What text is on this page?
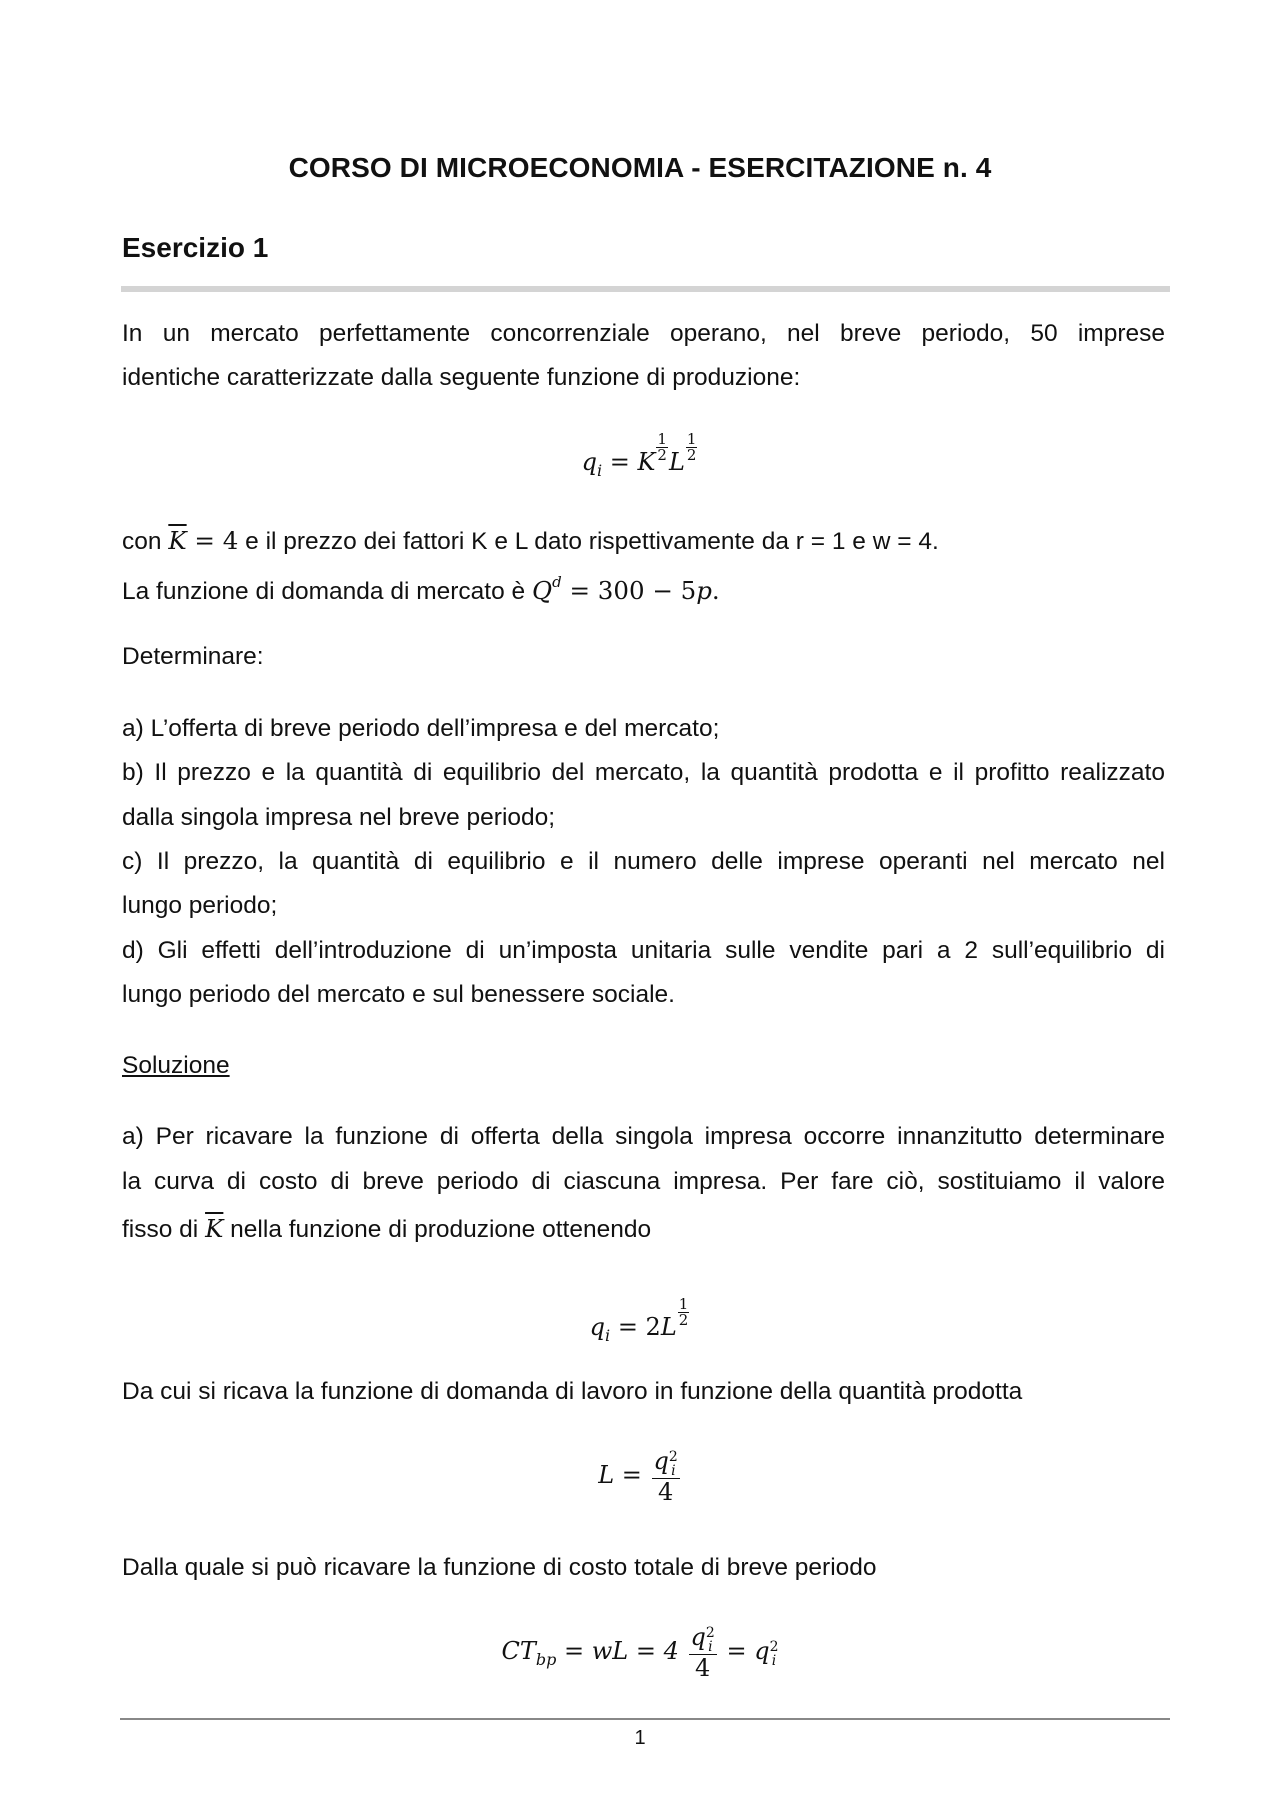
CORSO DI MICROECONOMIA - ESERCITAZIONE n. 4
Esercizio 1
In un mercato perfettamente concorrenziale operano, nel breve periodo, 50 imprese
identiche caratterizzate dalla seguente funzione di produzione:
$q_i = K \frac{1}{2}$ L $\frac{1}{2}$
con $\overline{K} = 4$ e il prezzo dei fattori K e L dato rispettivamente da r = 1 e w = 4.
La funzione di domanda di mercato è $Q^d = 300 - 5p$.
Determinare:
a) L’offerta di breve periodo dell’impresa e del mercato;
b) Il prezzo e la quantità di equilibrio del mercato, la quantità prodotta e il profitto realizzato
dalla singola impresa nel breve periodo;
c) Il prezzo, la quantità di equilibrio e il numero delle imprese operanti nel mercato nel
lungo periodo;
d) Gli effetti dell’introduzione di un’imposta unitaria sulle vendite pari a 2 sull’equilibrio di
lungo periodo del mercato e sul benessere sociale.
Soluzione
a) Per ricavare la funzione di offerta della singola impresa occorre innanzitutto determinare
la curva di costo di breve periodo di ciascuna impresa. Per fare ciò, sostituiamo il valore
fisso di $\overline{K}$ nella funzione di produzione ottenendo
$q_i = 2L \frac{1}{2}$
Da cui si ricava la funzione di domanda di lavoro in funzione della quantità prodotta
L = q 2
i
4
Dalla quale si può ricavare la funzione di costo totale di breve periodo
$CT_{bp}$ = wL = 4 q 2
i
4 = q 2
i
1
